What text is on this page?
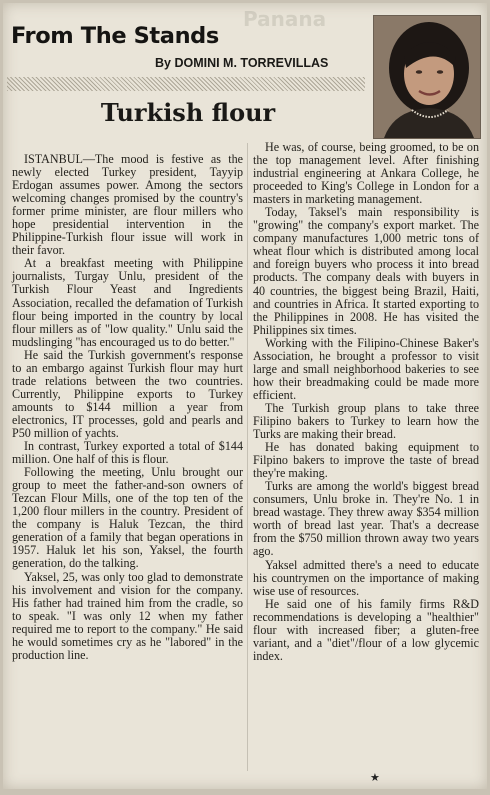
Panana
From The Stands
By DOMINI M. TORREVILLAS
Turkish flour

ISTANBUL—The mood is festive as the newly elected Turkey president, Tayyip Erdogan assumes power. Among the sectors welcoming changes promised by the country's former prime minister, are flour millers who hope presidential intervention in the Philippine-Turkish flour issue will work in their favor.

At a breakfast meeting with Philippine journalists, Turgay Unlu, president of the Turkish Flour Yeast and Ingredients Association, recalled the defamation of Turkish flour being imported in the country by local flour millers as of "low quality." Unlu said the mudslinging "has encouraged us to do better."

He said the Turkish government's response to an embargo against Turkish flour may hurt trade relations between the two countries. Currently, Philippine exports to Turkey amounts to $144 million a year from electronics, IT processes, gold and pearls and P50 million of yachts.

In contrast, Turkey exported a total of $144 million. One half of this is flour.

Following the meeting, Unlu brought our group to meet the father-and-son owners of Tezcan Flour Mills, one of the top ten of the 1,200 flour millers in the country. President of the company is Haluk Tezcan, the third generation of a family that began operations in 1957. Haluk let his son, Yaksel, the fourth generation, do the talking.

Yaksel, 25, was only too glad to demonstrate his involvement and vision for the company. His father had trained him from the cradle, so to speak. "I was only 12 when my father required me to report to the company." He said he would sometimes cry as he "labored" in the production line.

He was, of course, being groomed, to be on the top management level. After finishing industrial engineering at Ankara College, he proceeded to King's College in London for a masters in marketing management.

Today, Taksel's main responsibility is "growing" the company's export market. The company manufactures 1,000 metric tons of wheat flour which is distributed among local and foreign buyers who process it into bread products. The company deals with buyers in 40 countries, the biggest being Brazil, Haiti, and countries in Africa. It started exporting to the Philippines in 2008. He has visited the Philippines six times.

Working with the Filipino-Chinese Baker's Association, he brought a professor to visit large and small neighborhood bakeries to see how their breadmaking could be made more efficient.

The Turkish group plans to take three Filipino bakers to Turkey to learn how the Turks are making their bread.

He has donated baking equipment to Filpino bakers to improve the taste of bread they're making.

Turks are among the world's biggest bread consumers, Unlu broke in. They're No. 1 in bread wastage. They threw away $354 million worth of bread last year. That's a decrease from the $750 million thrown away two years ago.

Yaksel admitted there's a need to educate his countrymen on the importance of making wise use of resources.

He said one of his family firms R&D recommendations is developing a "healthier" flour with increased fiber; a gluten-free variant, and a "diet"/flour of a low glycemic index.

★
